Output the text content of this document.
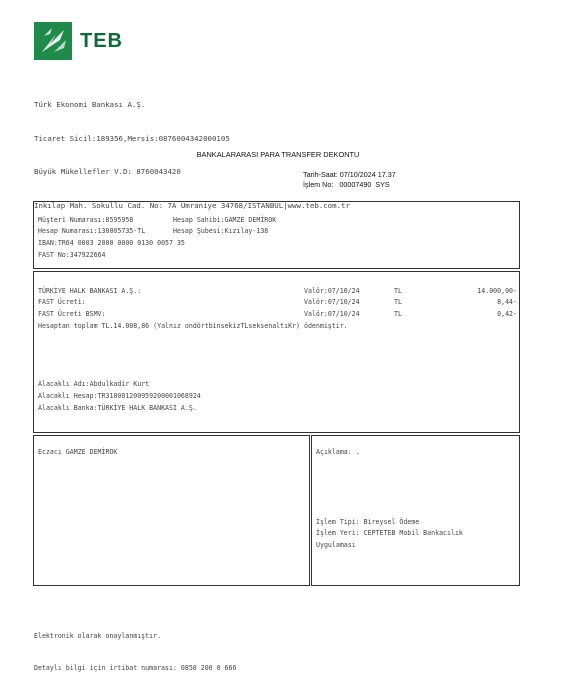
TEB

Türk Ekonomi Bankası A.Ş.

Ticaret Sicil:189356,Mersis:0876004342000105

Büyük Mükellefler V.D: 8760043420

İnkılap Mah. Sokullu Cad. No: 7A Ümraniye 34768/İSTANBUL|www.teb.com.tr

BANKALARARASI PARA TRANSFER DEKONTU
Tarih-Saat: 07/10/2024 17.37
İşlem No:   00007490  SYS
Müşteri Numarası:8595958	Hesap Sahibi:GAMZE DEMİROK
Hesap Numarası:130005735-TL	Hesap Şubesi:Kızılay-138
IBAN:TR64 0003 2000 0000 0130 0057 35
FAST No:347922664
TÜRKİYE HALK BANKASI A.Ş.:	Valör:07/10/24	TL	14.000,00-
FAST Ücreti:	Valör:07/10/24	TL	8,44-
FAST Ücreti BSMV:	Valör:07/10/24	TL	0,42-
Hesaptan toplam TL.14.008,86 (Yalnız ondörtbinsekizTLseksenaltıKr) ödenmiştir.
Alacaklı Adı:Abdulkadir Kurt
Alacaklı Hesap:TR310001200959200001068924
Alacaklı Banka:TÜRKİYE HALK BANKASI A.Ş.
Eczacı GAMZE DEMİROK	Açıklama: .
İşlem Tipi: Bireysel Ödeme
İşlem Yeri: CEPTETEB Mobil Bankacılık
Uygulaması

Elektronik olarak onaylanmıştır.

Detaylı bilgi için irtibat numarası: 0850 200 0 666
